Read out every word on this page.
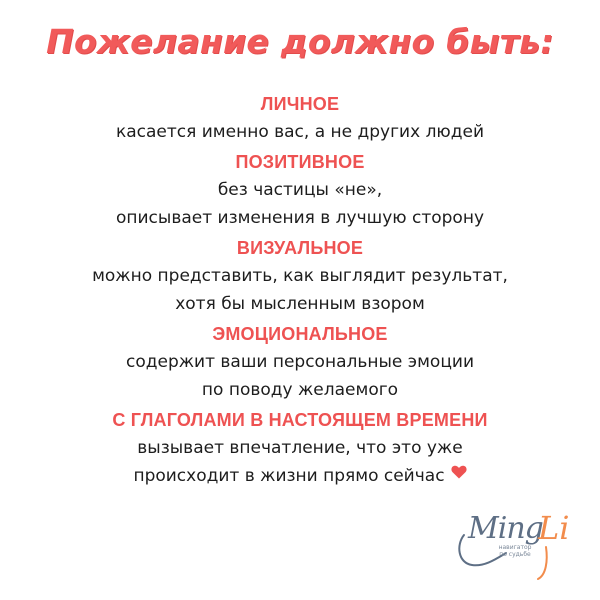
Пожелание должно быть:
ЛИЧНОЕ
касается именно вас, а не других людей
ПОЗИТИВНОЕ
без частицы «не»,
описывает изменения в лучшую сторону
ВИЗУАЛЬНОЕ
можно представить, как выглядит результат,
хотя бы мысленным взором
ЭМОЦИОНАЛЬНОЕ
содержит ваши персональные эмоции
по поводу желаемого
С ГЛАГОЛАМИ В НАСТОЯЩЕМ ВРЕМЕНИ
вызывает впечатление, что это уже
происходит в жизни прямо сейчас
Ming
Li
навигатор
по судьбе
